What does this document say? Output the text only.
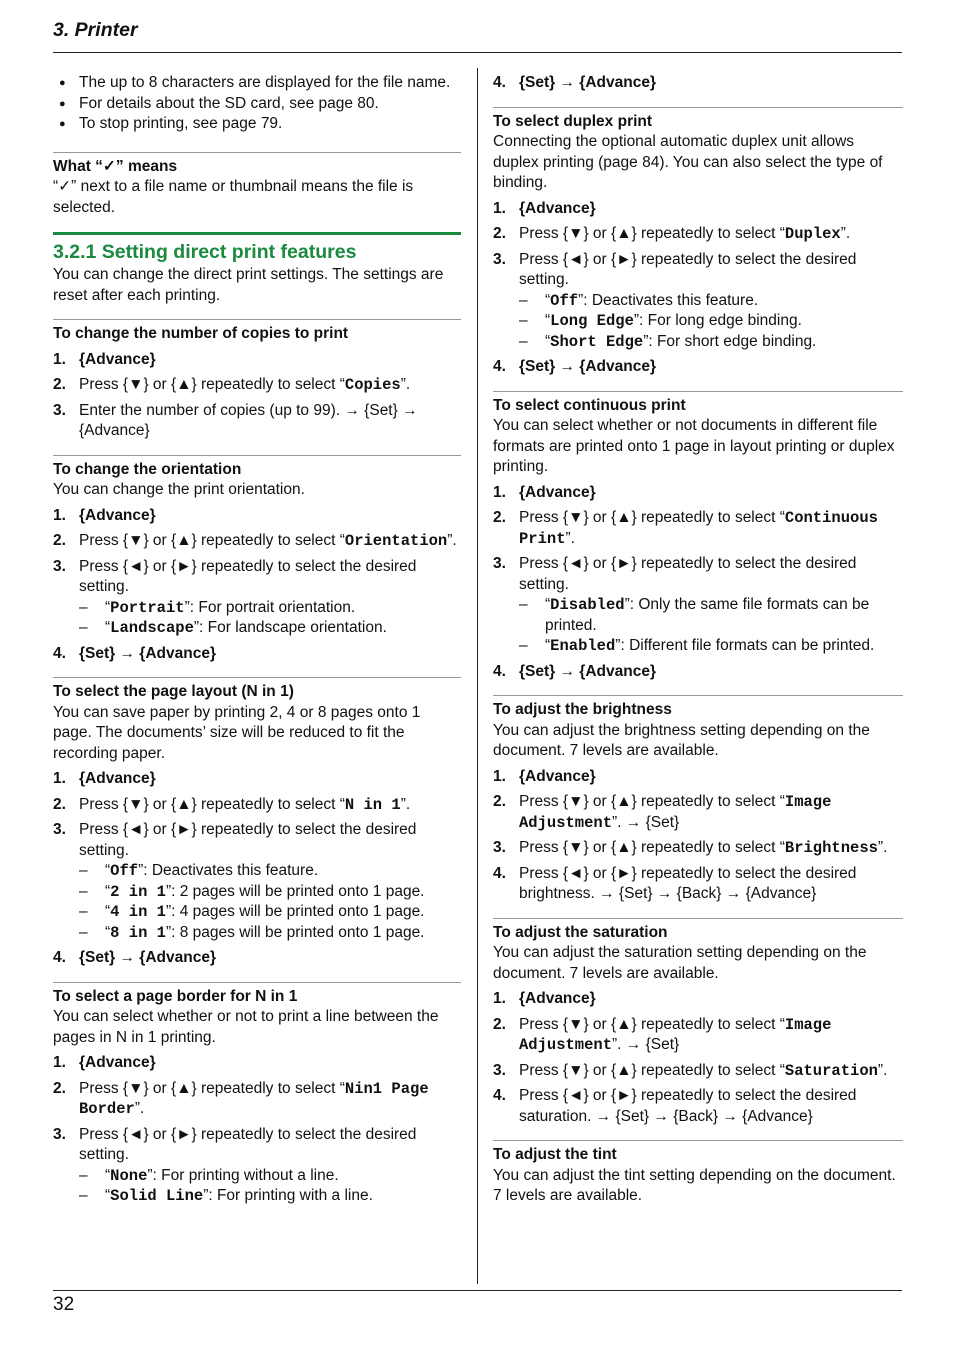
3. Printer

● The up to 8 characters are displayed for the file name.

● For details about the SD card, see page 80.

● To stop printing, see page 79.

What “✓” means

“✓” next to a file name or thumbnail means the file is selected.

3.2.1 Setting direct print features

You can change the direct print settings. The settings are reset after each printing.

To change the number of copies to print

1. {Advance}
2. Press {▼} or {▲} repeatedly to select “Copies”.
3. Enter the number of copies (up to 99). → {Set} → {Advance}

To change the orientation

You can change the print orientation.

1. {Advance}
2. Press {▼} or {▲} repeatedly to select “Orientation”.
3. Press {◄} or {►} repeatedly to select the desired setting.

– “Portrait”: For portrait orientation.

– “Landscape”: For landscape orientation.

4. {Set} → {Advance}

To select the page layout (N in 1)

You can save paper by printing 2, 4 or 8 pages onto 1 page. The documents’ size will be reduced to fit the recording paper.

1. {Advance}
2. Press {▼} or {▲} repeatedly to select “N in 1”.
3. Press {◄} or {►} repeatedly to select the desired setting.

– “Off”: Deactivates this feature.

– “2 in 1”: 2 pages will be printed onto 1 page.

– “4 in 1”: 4 pages will be printed onto 1 page.

– “8 in 1”: 8 pages will be printed onto 1 page.

4. {Set} → {Advance}

To select a page border for N in 1

You can select whether or not to print a line between the pages in N in 1 printing.

1. {Advance}
2. Press {▼} or {▲} repeatedly to select “Nin1 Page Border”.
3. Press {◄} or {►} repeatedly to select the desired setting.

– “None”: For printing without a line.

– “Solid Line”: For printing with a line.

4. {Set} → {Advance}

To select duplex print

Connecting the optional automatic duplex unit allows duplex printing (page 84). You can also select the type of binding.

1. {Advance}
2. Press {▼} or {▲} repeatedly to select “Duplex”.
3. Press {◄} or {►} repeatedly to select the desired setting.

– “Off”: Deactivates this feature.

– “Long Edge”: For long edge binding.

– “Short Edge”: For short edge binding.

4. {Set} → {Advance}

To select continuous print

You can select whether or not documents in different file formats are printed onto 1 page in layout printing or duplex printing.

1. {Advance}
2. Press {▼} or {▲} repeatedly to select “Continuous Print”.
3. Press {◄} or {►} repeatedly to select the desired setting.

– “Disabled”: Only the same file formats can be printed.

– “Enabled”: Different file formats can be printed.

4. {Set} → {Advance}

To adjust the brightness

You can adjust the brightness setting depending on the document. 7 levels are available.

1. {Advance}
2. Press {▼} or {▲} repeatedly to select “Image Adjustment”. → {Set}
3. Press {▼} or {▲} repeatedly to select “Brightness”.
4. Press {◄} or {►} repeatedly to select the desired brightness. → {Set} → {Back} → {Advance}

To adjust the saturation

You can adjust the saturation setting depending on the document. 7 levels are available.

1. {Advance}
2. Press {▼} or {▲} repeatedly to select “Image Adjustment”. → {Set}
3. Press {▼} or {▲} repeatedly to select “Saturation”.
4. Press {◄} or {►} repeatedly to select the desired saturation. → {Set} → {Back} → {Advance}

To adjust the tint

You can adjust the tint setting depending on the document. 7 levels are available.

32
